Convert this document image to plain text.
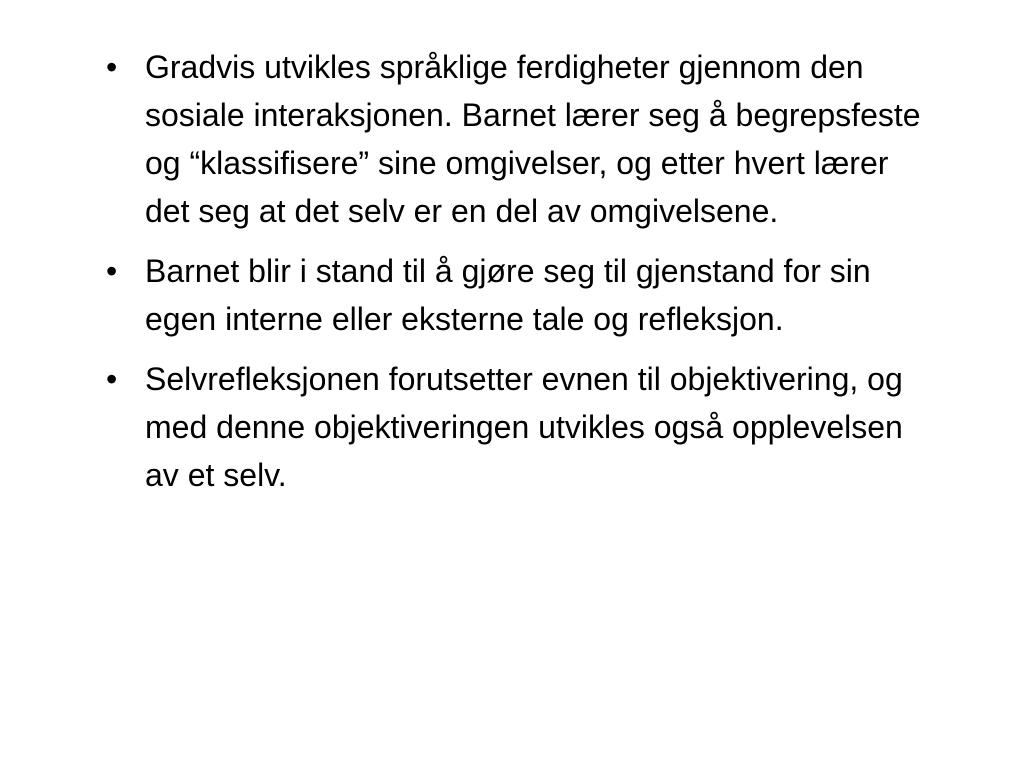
• Gradvis utvikles språklige ferdigheter gjennom den sosiale interaksjonen. Barnet lærer seg å begrepsfeste og “klassifisere” sine omgivelser, og etter hvert lærer det seg at det selv er en del av omgivelsene.
• Barnet blir i stand til å gjøre seg til gjenstand for sin egen interne eller eksterne tale og refleksjon.
• Selvrefleksjonen forutsetter evnen til objektivering, og med denne objektiveringen utvikles også opplevelsen av et selv.
